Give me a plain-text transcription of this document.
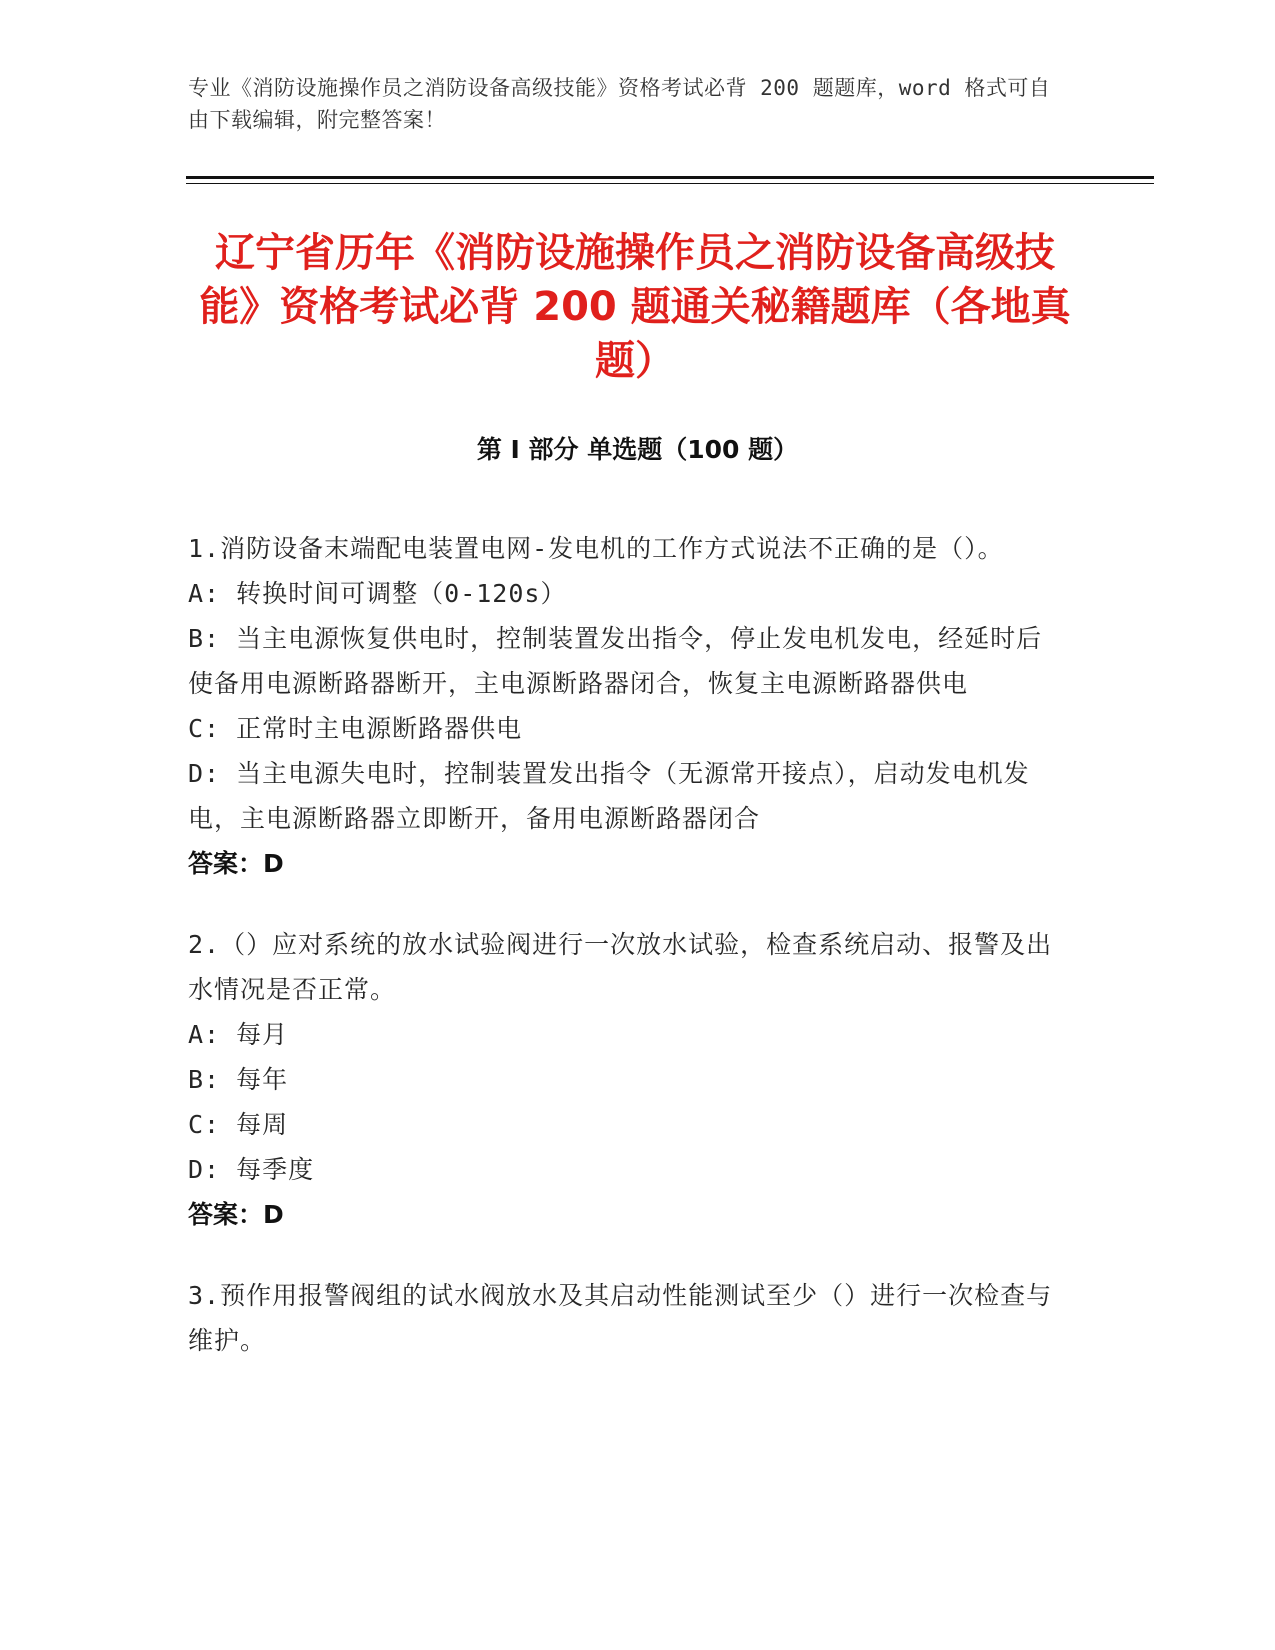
专业《消防设施操作员之消防设备高级技能》资格考试必背 200 题题库，word 格式可自由下载编辑，附完整答案！
辽宁省历年《消防设施操作员之消防设备高级技能》资格考试必背 200 题通关秘籍题库（各地真题）
第 I 部分 单选题（100 题）
1.消防设备末端配电装置电网-发电机的工作方式说法不正确的是（）。
A: 转换时间可调整（0-120s）
B: 当主电源恢复供电时，控制装置发出指令，停止发电机发电，经延时后使备用电源断路器断开，主电源断路器闭合，恢复主电源断路器供电
C: 正常时主电源断路器供电
D: 当主电源失电时，控制装置发出指令（无源常开接点），启动发电机发电，主电源断路器立即断开，备用电源断路器闭合
答案：D
2.（）应对系统的放水试验阀进行一次放水试验，检查系统启动、报警及出水情况是否正常。
A: 每月
B: 每年
C: 每周
D: 每季度
答案：D
3.预作用报警阀组的试水阀放水及其启动性能测试至少（）进行一次检查与维护。
